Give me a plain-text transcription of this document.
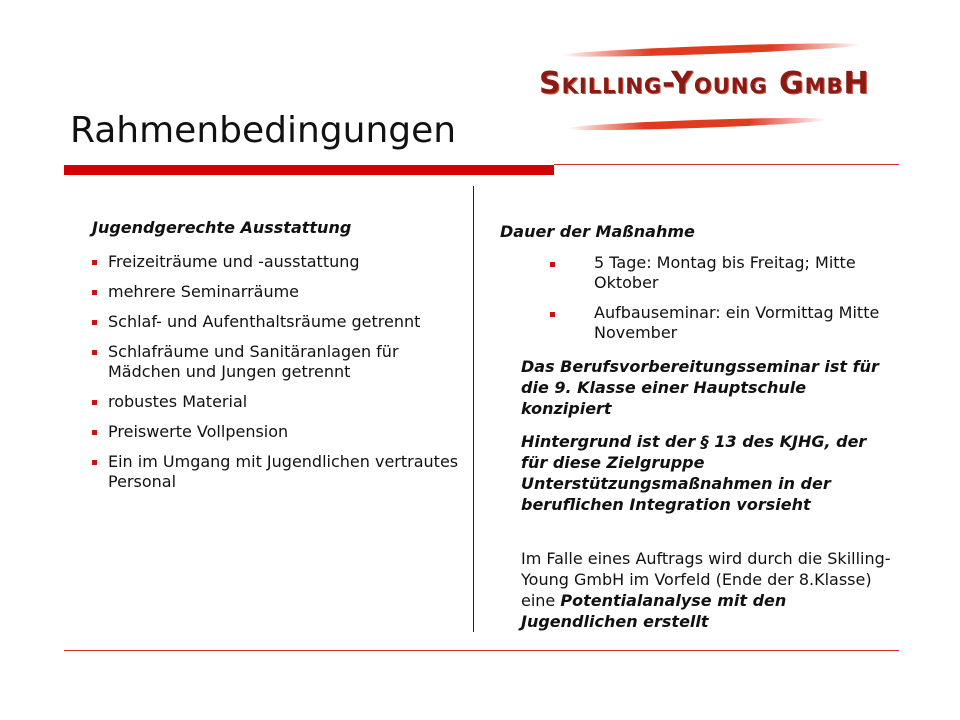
Skilling-Young GmbH
Rahmenbedingungen
Jugendgerechte Ausstattung
Freizeiträume und -ausstattung
mehrere Seminarräume
Schlaf- und Aufenthaltsräume getrennt
Schlafräume und Sanitäranlagen für Mädchen und Jungen getrennt
robustes Material
Preiswerte Vollpension
Ein im Umgang mit Jugendlichen vertrautes Personal
Dauer der Maßnahme
5 Tage: Montag bis Freitag; Mitte Oktober
Aufbauseminar: ein Vormittag Mitte November
Das Berufsvorbereitungsseminar ist für die 9. Klasse einer Hauptschule konzipiert
Hintergrund ist der § 13 des KJHG, der für diese Zielgruppe Unterstützungsmaßnahmen in der beruflichen Integration vorsieht
Im Falle eines Auftrags wird durch die Skilling-Young GmbH im Vorfeld (Ende der 8.Klasse) eine Potentialanalyse mit den Jugendlichen erstellt
